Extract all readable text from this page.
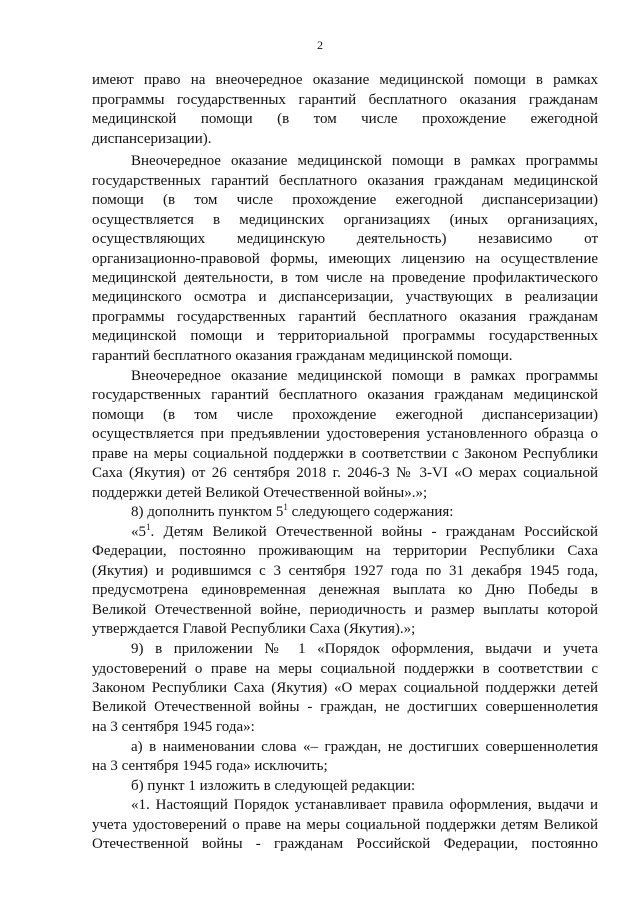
2
имеют право на внеочередное оказание медицинской помощи в рамках
программы государственных гарантий бесплатного оказания гражданам
медицинской помощи (в том числе прохождение ежегодной
диспансеризации).
Внеочередное оказание медицинской помощи в рамках программы
государственных гарантий бесплатного оказания гражданам медицинской
помощи (в том числе прохождение ежегодной диспансеризации)
осуществляется в медицинских организациях (иных организациях,
осуществляющих медицинскую деятельность) независимо от
организационно-правовой формы, имеющих лицензию на осуществление
медицинской деятельности, в том числе на проведение профилактического
медицинского осмотра и диспансеризации, участвующих в реализации
программы государственных гарантий бесплатного оказания гражданам
медицинской помощи и территориальной программы государственных
гарантий бесплатного оказания гражданам медицинской помощи.
Внеочередное оказание медицинской помощи в рамках программы
государственных гарантий бесплатного оказания гражданам медицинской
помощи (в том числе прохождение ежегодной диспансеризации)
осуществляется при предъявлении удостоверения установленного образца о
праве на меры социальной поддержки в соответствии с Законом Республики
Саха (Якутия) от 26 сентября 2018 г. 2046-З № 3-VI «О мерах социальной
поддержки детей Великой Отечественной войны».»;
8) дополнить пунктом $5^1$ следующего содержания:
«$5^1$. Детям Великой Отечественной войны - гражданам Российской
Федерации, постоянно проживающим на территории Республики Саха
(Якутия) и родившимся с 3 сентября 1927 года по 31 декабря 1945 года,
предусмотрена единовременная денежная выплата ко Дню Победы в
Великой Отечественной войне, периодичность и размер выплаты которой
утверждается Главой Республики Саха (Якутия).»;
9) в приложении № 1 «Порядок оформления, выдачи и учета
удостоверений о праве на меры социальной поддержки в соответствии с
Законом Республики Саха (Якутия) «О мерах социальной поддержки детей
Великой Отечественной войны - граждан, не достигших совершеннолетия
на 3 сентября 1945 года»:
а) в наименовании слова «– граждан, не достигших совершеннолетия
на 3 сентября 1945 года» исключить;
б) пункт 1 изложить в следующей редакции:
«1. Настоящий Порядок устанавливает правила оформления, выдачи и
учета удостоверений о праве на меры социальной поддержки детям Великой
Отечественной войны - гражданам Российской Федерации, постоянно
